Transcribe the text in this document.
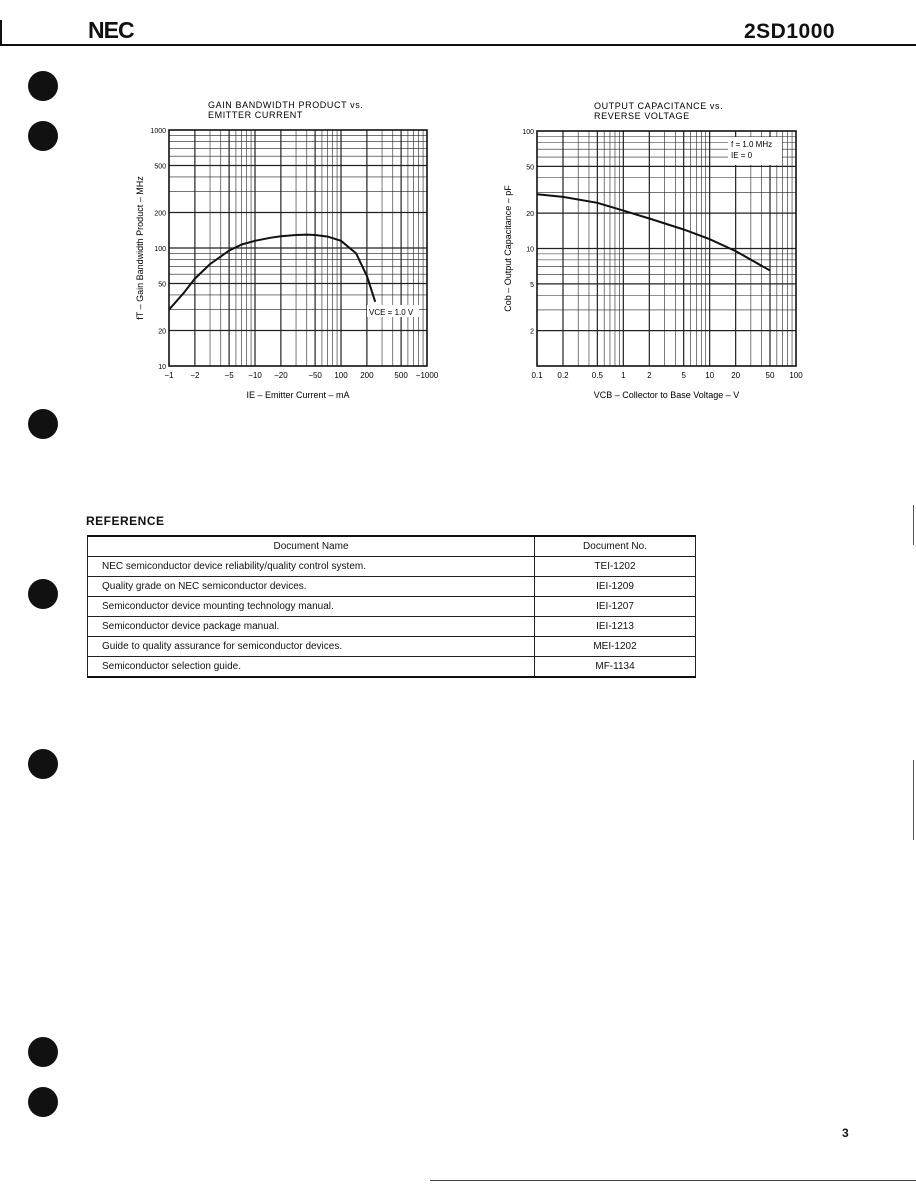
NEC	2SD1000
−1 −2	−5 −10 −20	−50 100 200	500 −1000
10
20
50
100
200
500
1000
GAIN BANDWIDTH PRODUCT vs.
EMITTER CURRENT
IE – Emitter Current – mA
fT – Gain Bandwidth Product – MHz	VCE = 1.0 V
0.1 0.2	0.5 1	2	5 10 20	50 100
2
5
10
20
50
100
OUTPUT CAPACITANCE vs.
REVERSE VOLTAGE
VCB – Collector to Base Voltage – V
Cob – Output Capacitance – pF
f = 1.0 MHz
IE = 0
REFERENCE
Document Name	Document No.
NEC semiconductor device reliability/quality control system.	TEI-1202
Quality grade on NEC semiconductor devices.	IEI-1209
Semiconductor device mounting technology manual.	IEI-1207
Semiconductor device package manual.	IEI-1213
Guide to quality assurance for semiconductor devices.	MEI-1202
Semiconductor selection guide.	MF-1134
3
